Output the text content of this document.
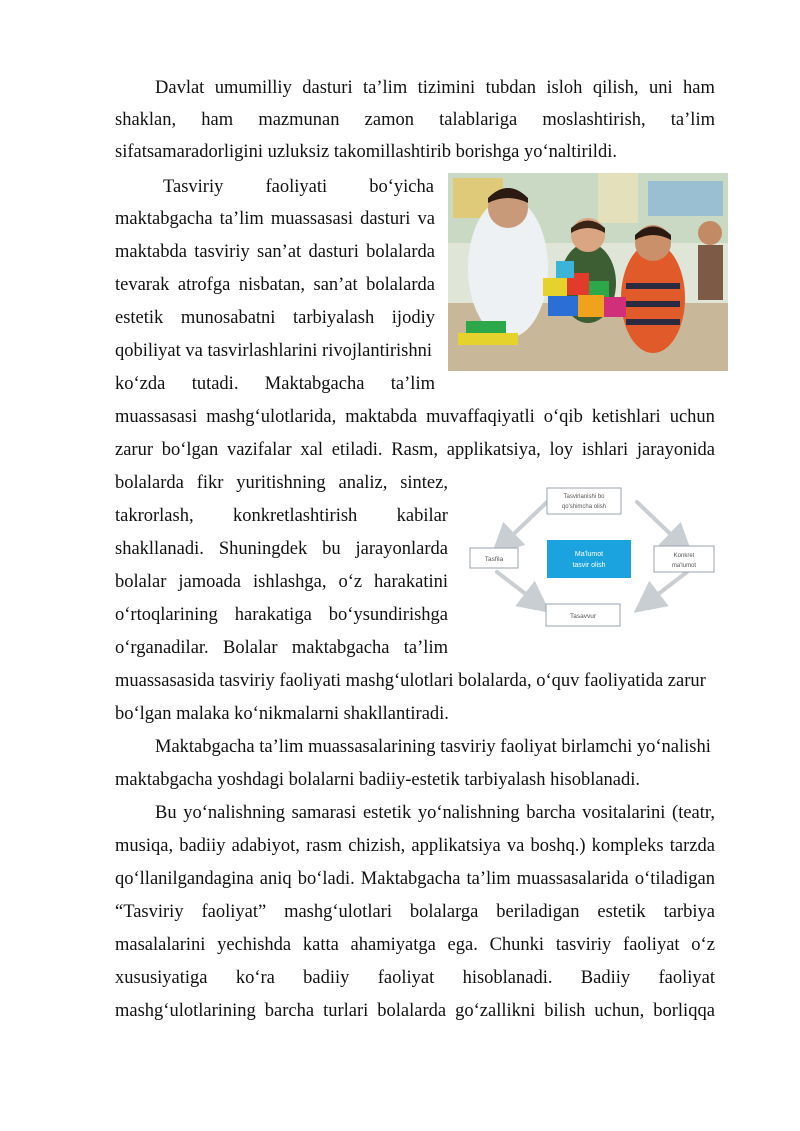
Davlat umumilliy dasturi ta’lim tizimini tubdan isloh qilish, uni ham
shaklan, ham mazmunan zamon talablariga moslashtirish, ta’lim
sifatsamaradorligini uzluksiz takomillashtirib borishga yo‘naltirildi.
Tasviriy faoliyati bo‘yicha
maktabgacha ta’lim muassasasi dasturi va
maktabda tasviriy san’at dasturi bolalarda
tevarak atrofga nisbatan, san’at bolalarda
estetik munosabatni tarbiyalash ijodiy
qobiliyat va tasvirlashlarini rivojlantirishni
ko‘zda tutadi. Maktabgacha ta’lim
muassasasi mashg‘ulotlarida, maktabda muvaffaqiyatli o‘qib ketishlari uchun
zarur bo‘lgan vazifalar xal etiladi. Rasm, applikatsiya, loy ishlari jarayonida
bolalarda fikr yuritishning analiz, sintez,
takrorlash, konkretlashtirish kabilar
shakllanadi. Shuningdek bu jarayonlarda
bolalar jamoada ishlashga, o‘z harakatini
o‘rtoqlarining harakatiga bo‘ysundirishga
o‘rganadilar. Bolalar maktabgacha ta’lim
muassasasida tasviriy faoliyati mashg‘ulotlari bolalarda, o‘quv faoliyatida zarur
bo‘lgan malaka ko‘nikmalarni shakllantiradi.
Maktabgacha ta’lim muassasalarining tasviriy faoliyat birlamchi yo‘nalishi
maktabgacha yoshdagi bolalarni badiiy-estetik tarbiyalash hisoblanadi.
Bu yo‘nalishning samarasi estetik yo‘nalishning barcha vositalarini (teatr,
musiqa, badiiy adabiyot, rasm chizish, applikatsiya va boshq.) kompleks tarzda
qo‘llanilgandagina aniq bo‘ladi. Maktabgacha ta’lim muassasalarida o‘tiladigan
“Tasviriy faoliyat” mashg‘ulotlari bolalarga beriladigan estetik tarbiya
masalalarini yechishda katta ahamiyatga ega. Chunki tasviriy faoliyat o‘z
xususiyatiga ko‘ra badiiy faoliyat hisoblanadi. Badiiy faoliyat
mashg‘ulotlarining barcha turlari bolalarda go‘zallikni bilish uchun, borliqqa
Ma'lumot
tasvir olish
Tasvirlanishi bo
qo'shimcha olish
Tasfila	Konkret
ma'lumot
Tasavvur
